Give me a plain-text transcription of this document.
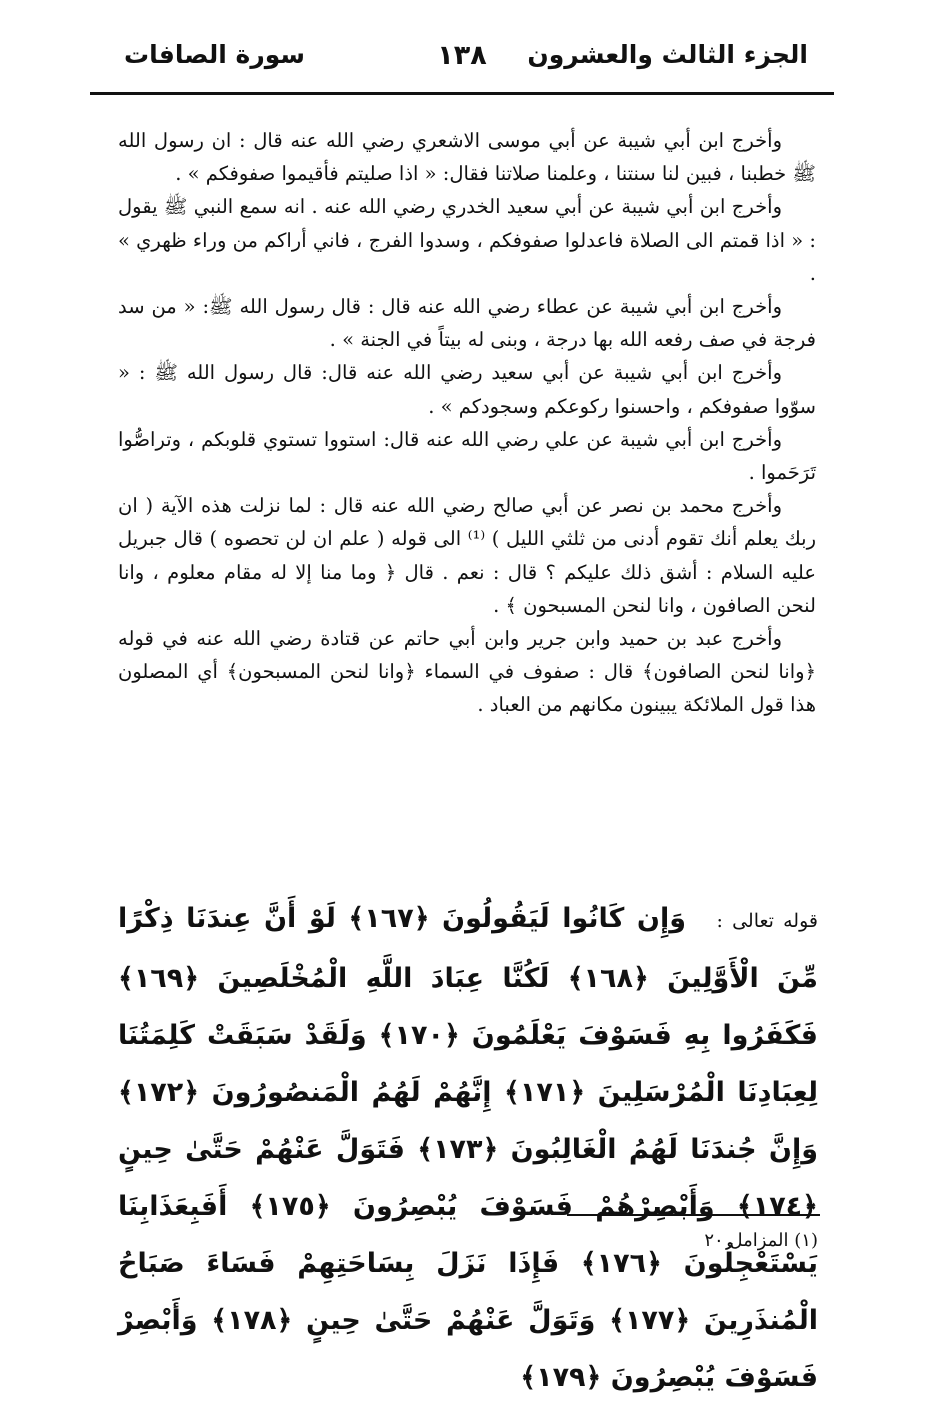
الجزء الثالث والعشرون
١٣٨
سورة الصافات

وأخرج ابن أبي شيبة عن أبي موسى الاشعري رضي الله عنه قال : ان رسول الله ﷺ خطبنا ، فبين لنا سنتنا ، وعلمنا صلاتنا فقال: « اذا صليتم فأقيموا صفوفكم » .

وأخرج ابن أبي شيبة عن أبي سعيد الخدري رضي الله عنه . انه سمع النبي ﷺ يقول : « اذا قمتم الى الصلاة فاعدلوا صفوفكم ، وسدوا الفرج ، فاني أراكم من وراء ظهري » .

وأخرج ابن أبي شيبة عن عطاء رضي الله عنه قال : قال رسول الله ﷺ: « من سد فرجة في صف رفعه الله بها درجة ، وبنى له بيتاً في الجنة » .

وأخرج ابن أبي شيبة عن أبي سعيد رضي الله عنه قال: قال رسول الله ﷺ : « سوّوا صفوفكم ، واحسنوا ركوعكم وسجودكم » .

وأخرج ابن أبي شيبة عن علي رضي الله عنه قال: استووا تستوي قلوبكم ، وتراصُّوا تَرَحَموا .

وأخرج محمد بن نصر عن أبي صالح رضي الله عنه قال : لما نزلت هذه الآية ( ان ربك يعلم أنك تقوم أدنى من ثلثي الليل ) ⁽¹⁾ الى قوله ( علم ان لن تحصوه ) قال جبريل عليه السلام : أشق ذلك عليكم ؟ قال : نعم . قال ﴿ وما منا إلا له مقام معلوم ، وانا لنحن الصافون ، وانا لنحن المسبحون ﴾ .

وأخرج عبد بن حميد وابن جرير وابن أبي حاتم عن قتادة رضي الله عنه في قوله ﴿وانا لنحن الصافون﴾ قال : صفوف في السماء ﴿وانا لنحن المسبحون﴾ أي المصلون هذا قول الملائكة يبينون مكانهم من العباد .

قوله تعالى : وَإِن كَانُوا لَيَقُولُونَ ﴿١٦٧﴾ لَوْ أَنَّ عِندَنَا ذِكْرًا مِّنَ الْأَوَّلِينَ ﴿١٦٨﴾ لَكُنَّا عِبَادَ اللَّهِ الْمُخْلَصِينَ ﴿١٦٩﴾ فَكَفَرُوا بِهِ فَسَوْفَ يَعْلَمُونَ ﴿١٧٠﴾ وَلَقَدْ سَبَقَتْ كَلِمَتُنَا لِعِبَادِنَا الْمُرْسَلِينَ ﴿١٧١﴾ إِنَّهُمْ لَهُمُ الْمَنصُورُونَ ﴿١٧٢﴾ وَإِنَّ جُندَنَا لَهُمُ الْغَالِبُونَ ﴿١٧٣﴾ فَتَوَلَّ عَنْهُمْ حَتَّىٰ حِينٍ ﴿١٧٤﴾ وَأَبْصِرْهُمْ فَسَوْفَ يُبْصِرُونَ ﴿١٧٥﴾ أَفَبِعَذَابِنَا يَسْتَعْجِلُونَ ﴿١٧٦﴾ فَإِذَا نَزَلَ بِسَاحَتِهِمْ فَسَاءَ صَبَاحُ الْمُنذَرِينَ ﴿١٧٧﴾ وَتَوَلَّ عَنْهُمْ حَتَّىٰ حِينٍ ﴿١٧٨﴾ وَأَبْصِرْ فَسَوْفَ يُبْصِرُونَ ﴿١٧٩﴾
(١) المزامل ٢٠
